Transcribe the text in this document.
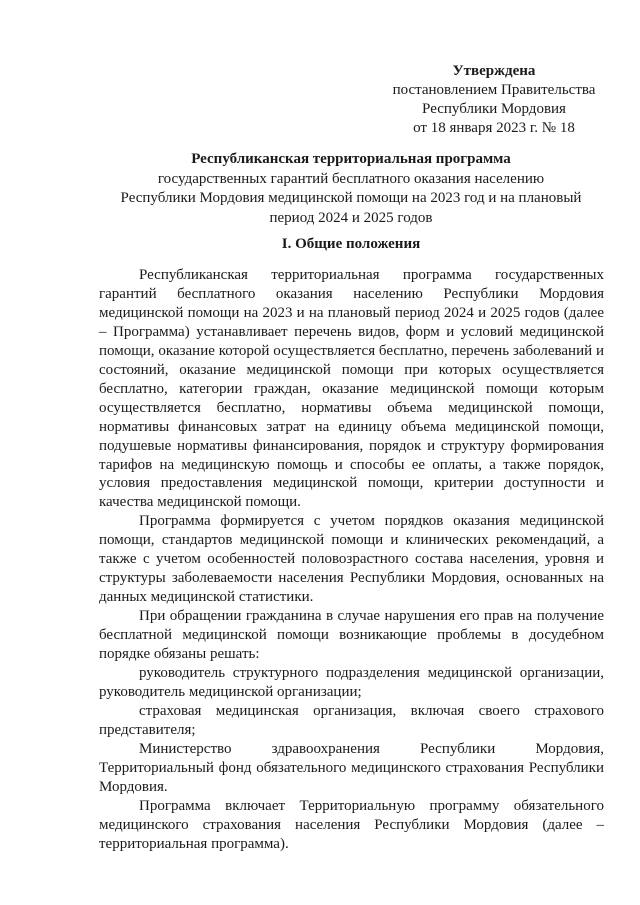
Утверждена
постановлением Правительства
Республики Мордовия
от 18 января 2023 г. № 18
Республиканская территориальная программа
государственных гарантий бесплатного оказания населению
Республики Мордовия медицинской помощи на 2023 год и на плановый
период 2024 и 2025 годов
I. Общие положения

Республиканская территориальная программа государственных гарантий бесплатного оказания населению Республики Мордовия медицинской помощи на 2023 и на плановый период 2024 и 2025 годов (далее – Программа) устанавливает перечень видов, форм и условий медицинской помощи, оказание которой осуществляется бесплатно, перечень заболеваний и состояний, оказание медицинской помощи при которых осуществляется бесплатно, категории граждан, оказание медицинской помощи которым осуществляется бесплатно, нормативы объема медицинской помощи, нормативы финансовых затрат на единицу объема медицинской помощи, подушевые нормативы финансирования, порядок и структуру формирования тарифов на медицинскую помощь и способы ее оплаты, а также порядок, условия предоставления медицинской помощи, критерии доступности и качества медицинской помощи.

Программа формируется с учетом порядков оказания медицинской помощи, стандартов медицинской помощи и клинических рекомендаций, а также с учетом особенностей половозрастного состава населения, уровня и структуры заболеваемости населения Республики Мордовия, основанных на данных медицинской статистики.

При обращении гражданина в случае нарушения его прав на получение бесплатной медицинской помощи возникающие проблемы в досудебном порядке обязаны решать:

руководитель структурного подразделения медицинской организации, руководитель медицинской организации;

страховая медицинская организация, включая своего страхового представителя;

Министерство здравоохранения Республики Мордовия, Территориальный фонд обязательного медицинского страхования Республики Мордовия.

Программа включает Территориальную программу обязательного медицинского страхования населения Республики Мордовия (далее – территориальная программа).
